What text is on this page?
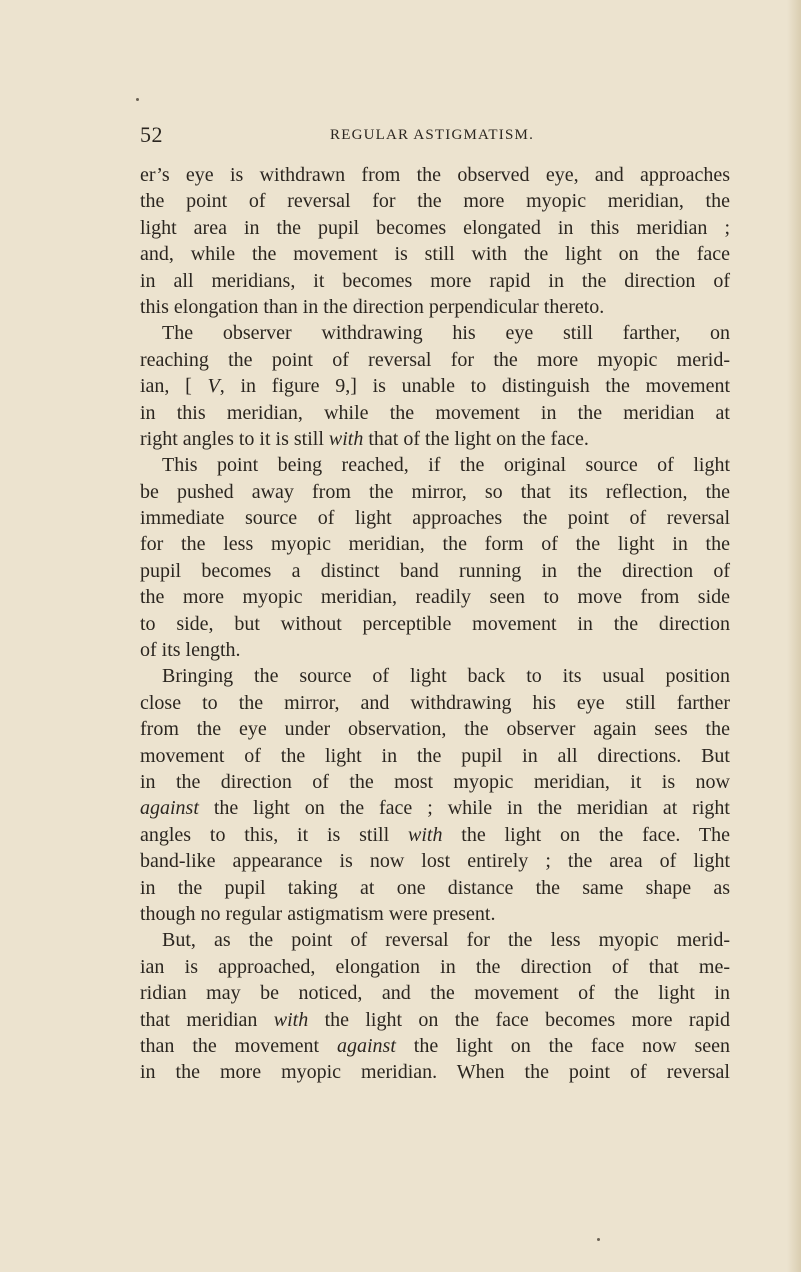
52	REGULAR ASTIGMATISM.
er’s eye is withdrawn from the observed eye, and approaches
the point of reversal for the more myopic meridian, the
light area in the pupil becomes elongated in this meridian ;
and, while the movement is still with the light on the face
in all meridians, it becomes more rapid in the direction of
this elongation than in the direction perpendicular thereto.
The observer withdrawing his eye still farther, on
reaching the point of reversal for the more myopic merid-
ian, [ V, in figure 9,] is unable to distinguish the movement
in this meridian, while the movement in the meridian at
right angles to it is still with that of the light on the face.
This point being reached, if the original source of light
be pushed away from the mirror, so that its reflection, the
immediate source of light approaches the point of reversal
for the less myopic meridian, the form of the light in the
pupil becomes a distinct band running in the direction of
the more myopic meridian, readily seen to move from side
to side, but without perceptible movement in the direction
of its length.
Bringing the source of light back to its usual position
close to the mirror, and withdrawing his eye still farther
from the eye under observation, the observer again sees the
movement of the light in the pupil in all directions. But
in the direction of the most myopic meridian, it is now
against the light on the face ; while in the meridian at right
angles to this, it is still with the light on the face. The
band-like appearance is now lost entirely ; the area of light
in the pupil taking at one distance the same shape as
though no regular astigmatism were present.
But, as the point of reversal for the less myopic merid-
ian is approached, elongation in the direction of that me-
ridian may be noticed, and the movement of the light in
that meridian with the light on the face becomes more rapid
than the movement against the light on the face now seen
in the more myopic meridian. When the point of reversal
